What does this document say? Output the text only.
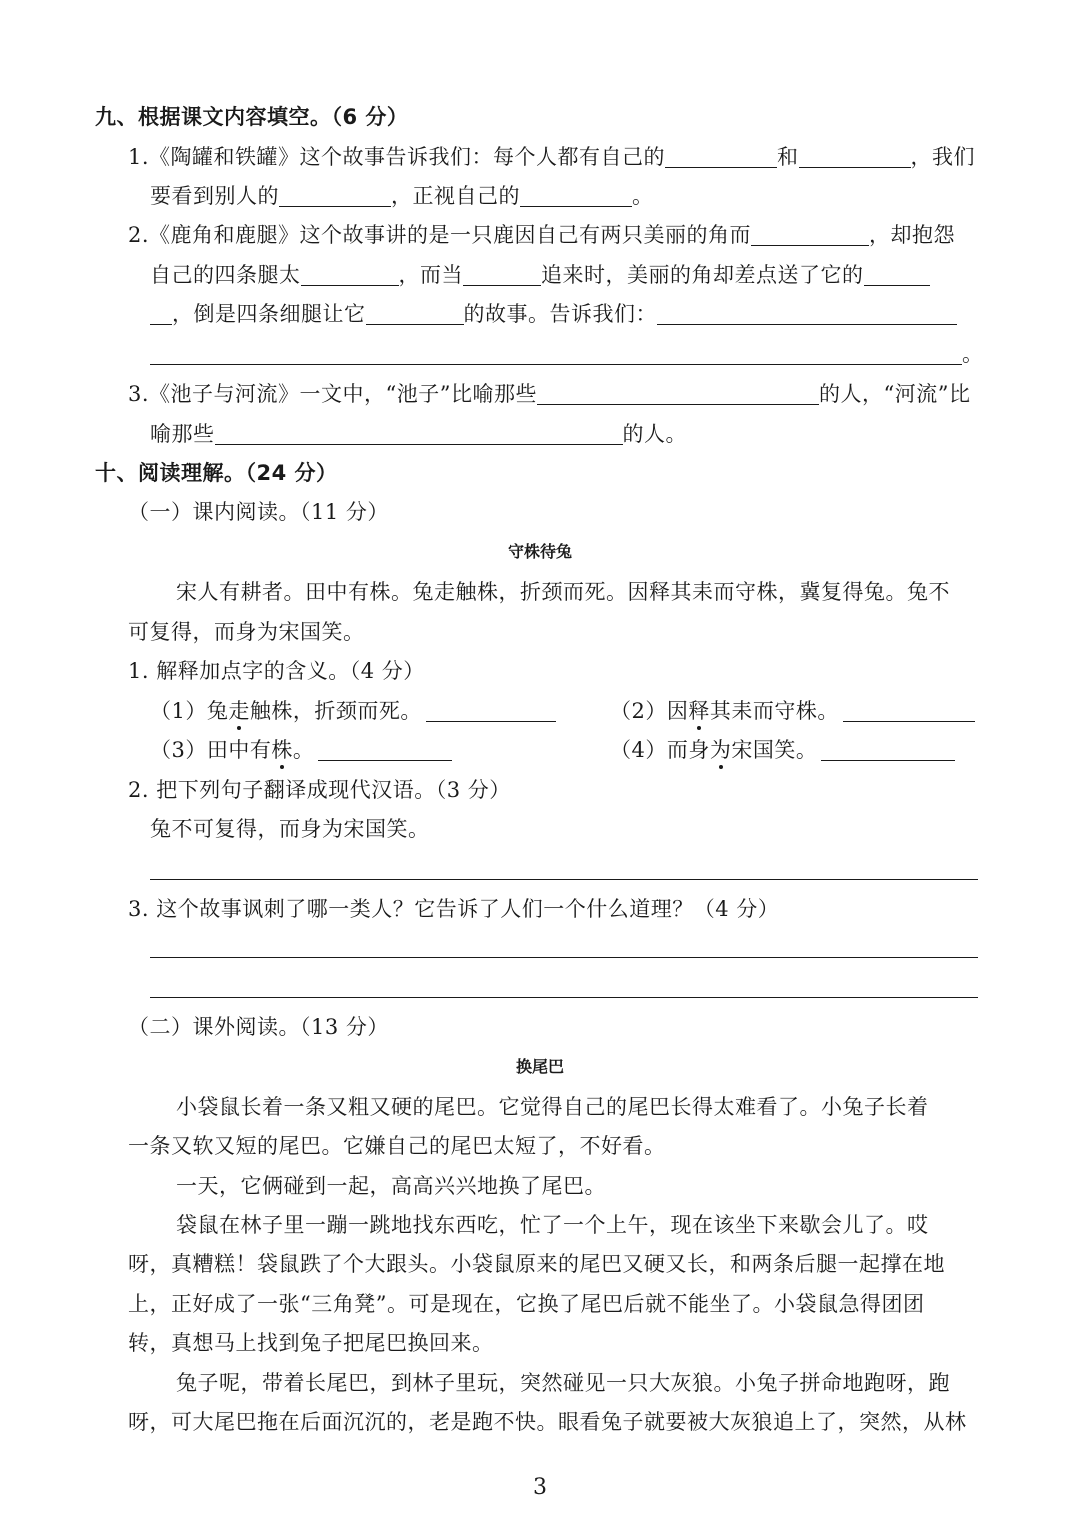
九、根据课文内容填空。（6 分）
1.《陶罐和铁罐》这个故事告诉我们：每个人都有自己的	和	，我们
要看到别人的	，正视自己的	。
2.《鹿角和鹿腿》这个故事讲的是一只鹿因自己有两只美丽的角而	，却抱怨
自己的四条腿太	，而当	追来时，美丽的角却差点送了它的
，倒是四条细腿让它	的故事。告诉我们：
。
3.《池子与河流》一文中，“池子”比喻那些	的人，“河流”比
喻那些	的人。
十、阅读理解。（24 分）
（一）课内阅读。（11 分）
守株待兔
宋人有耕者。田中有株。兔走触株，折颈而死。因释其耒而守株，冀复得兔。兔不
可复得，而身为宋国笑。
1. 解释加点字的含义。（4 分）
（1）兔走触株，折颈而死。	（2）因释其耒而守株。
（3）田中有株。	（4）而身为宋国笑。
2. 把下列句子翻译成现代汉语。（3 分）
兔不可复得，而身为宋国笑。
3. 这个故事讽刺了哪一类人？它告诉了人们一个什么道理？（4 分）
（二）课外阅读。（13 分）
换尾巴
小袋鼠长着一条又粗又硬的尾巴。它觉得自己的尾巴长得太难看了。小兔子长着
一条又软又短的尾巴。它嫌自己的尾巴太短了，不好看。
一天，它俩碰到一起，高高兴兴地换了尾巴。
袋鼠在林子里一蹦一跳地找东西吃，忙了一个上午，现在该坐下来歇会儿了。哎
呀，真糟糕！袋鼠跌了个大跟头。小袋鼠原来的尾巴又硬又长，和两条后腿一起撑在地
上，正好成了一张“三角凳”。可是现在，它换了尾巴后就不能坐了。小袋鼠急得团团
转，真想马上找到兔子把尾巴换回来。
兔子呢，带着长尾巴，到林子里玩，突然碰见一只大灰狼。小兔子拼命地跑呀，跑
呀，可大尾巴拖在后面沉沉的，老是跑不快。眼看兔子就要被大灰狼追上了，突然，从林
3
